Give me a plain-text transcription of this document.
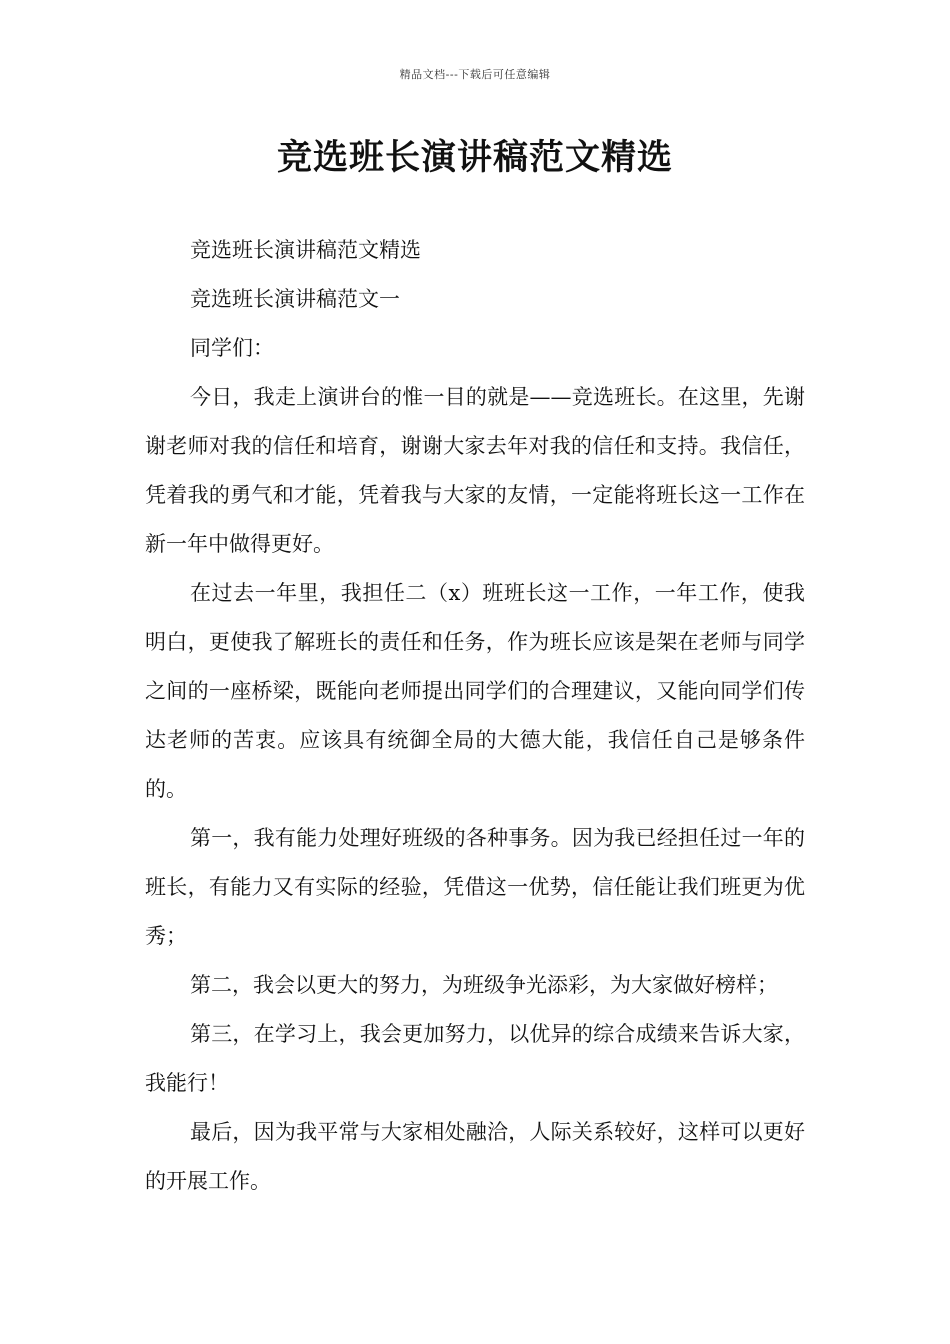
精品文档---下载后可任意编辑
竞选班长演讲稿范文精选

竞选班长演讲稿范文精选

竞选班长演讲稿范文一

同学们：

今日，我走上演讲台的惟一目的就是——竞选班长。在这里，先谢谢老师对我的信任和培育，谢谢大家去年对我的信任和支持。我信任，凭着我的勇气和才能，凭着我与大家的友情，一定能将班长这一工作在新一年中做得更好。

在过去一年里，我担任二（x）班班长这一工作，一年工作，使我明白，更使我了解班长的责任和任务，作为班长应该是架在老师与同学之间的一座桥梁，既能向老师提出同学们的合理建议，又能向同学们传达老师的苦衷。应该具有统御全局的大德大能，我信任自己是够条件的。

第一，我有能力处理好班级的各种事务。因为我已经担任过一年的班长，有能力又有实际的经验，凭借这一优势，信任能让我们班更为优秀；

第二，我会以更大的努力，为班级争光添彩，为大家做好榜样；

第三，在学习上，我会更加努力，以优异的综合成绩来告诉大家，我能行！

最后，因为我平常与大家相处融洽，人际关系较好，这样可以更好的开展工作。
